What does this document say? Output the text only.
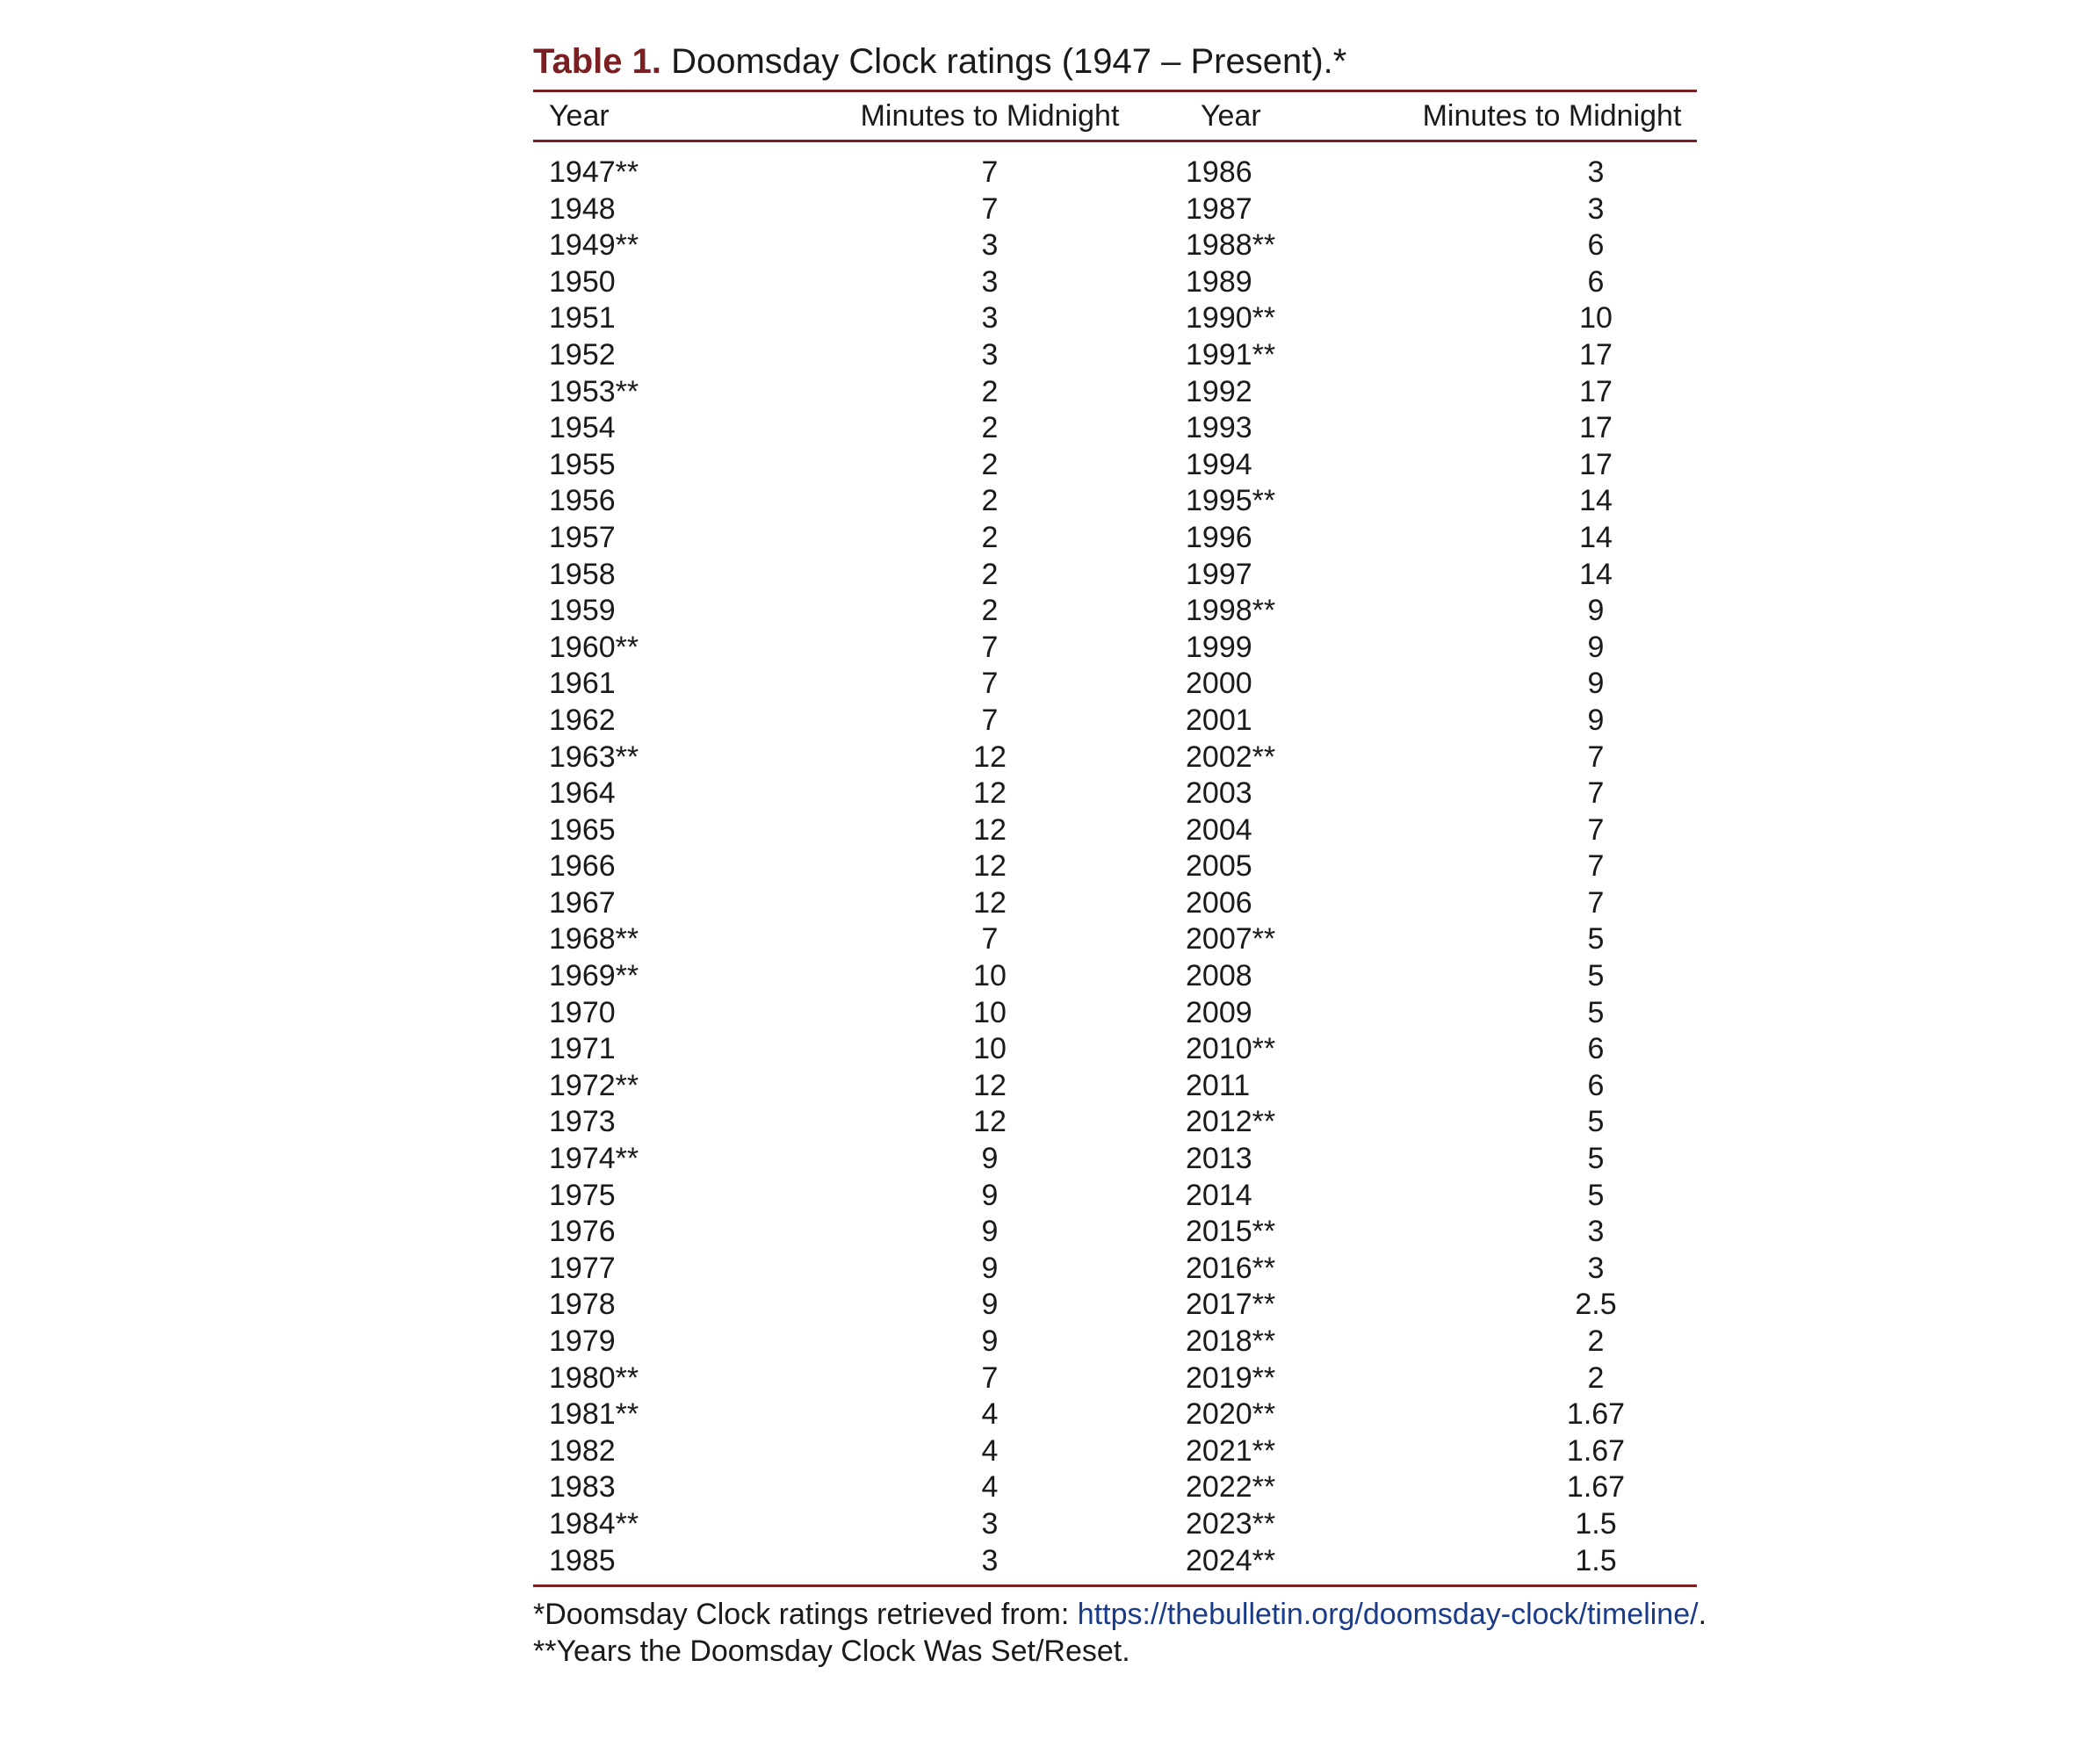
Table 1. Doomsday Clock ratings (1947 – Present).*
Year	Minutes to Midnight	Year	Minutes to Midnight
1947**	7	1986	3
1948	7	1987	3
1949**	3	1988**	6
1950	3	1989	6
1951	3	1990**	10
1952	3	1991**	17
1953**	2	1992	17
1954	2	1993	17
1955	2	1994	17
1956	2	1995**	14
1957	2	1996	14
1958	2	1997	14
1959	2	1998**	9
1960**	7	1999	9
1961	7	2000	9
1962	7	2001	9
1963**	12	2002**	7
1964	12	2003	7
1965	12	2004	7
1966	12	2005	7
1967	12	2006	7
1968**	7	2007**	5
1969**	10	2008	5
1970	10	2009	5
1971	10	2010**	6
1972**	12	2011	6
1973	12	2012**	5
1974**	9	2013	5
1975	9	2014	5
1976	9	2015**	3
1977	9	2016**	3
1978	9	2017**	2.5
1979	9	2018**	2
1980**	7	2019**	2
1981**	4	2020**	1.67
1982	4	2021**	1.67
1983	4	2022**	1.67
1984**	3	2023**	1.5
1985	3	2024**	1.5
*Doomsday Clock ratings retrieved from: https://thebulletin.org/doomsday-clock/timeline/.
**Years the Doomsday Clock Was Set/Reset.
